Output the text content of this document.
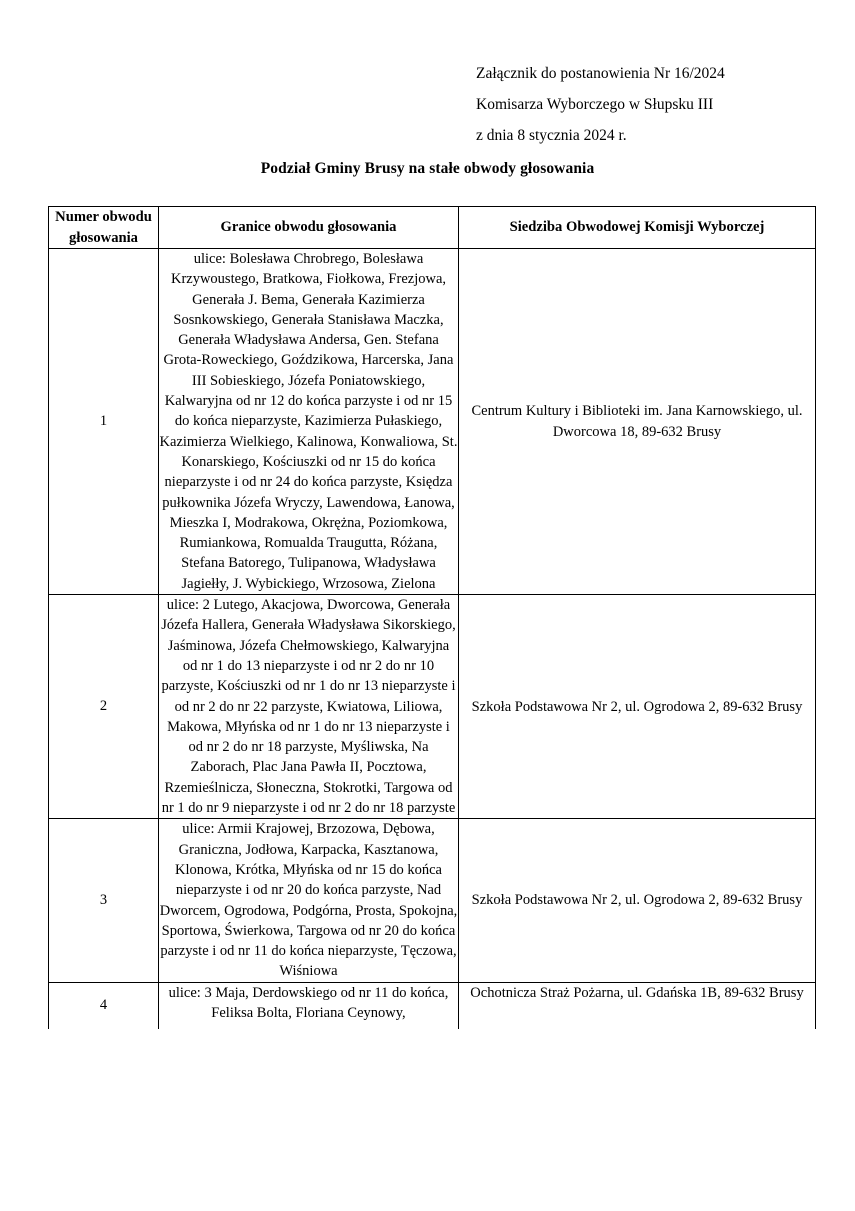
Załącznik do postanowienia Nr 16/2024
Komisarza Wyborczego w Słupsku III
z dnia 8 stycznia 2024 r.
Podział Gminy Brusy na stałe obwody głosowania
Numer obwodu głosowania	Granice obwodu głosowania	Siedziba Obwodowej Komisji Wyborczej
1	ulice: Bolesława Chrobrego, Bolesława Krzywoustego, Bratkowa, Fiołkowa, Frezjowa, Generała J. Bema, Generała Kazimierza Sosnkowskiego, Generała Stanisława Maczka, Generała Władysława Andersa, Gen. Stefana Grota-Roweckiego, Goździkowa, Harcerska, Jana III Sobieskiego, Józefa Poniatowskiego, Kalwaryjna od nr 12 do końca parzyste i od nr 15 do końca nieparzyste, Kazimierza Pułaskiego, Kazimierza Wielkiego, Kalinowa, Konwaliowa, St. Konarskiego, Kościuszki od nr 15 do końca nieparzyste i od nr 24 do końca parzyste, Księdza pułkownika Józefa Wryczy, Lawendowa, Łanowa, Mieszka I, Modrakowa, Okrężna, Poziomkowa, Rumiankowa, Romualda Traugutta, Różana, Stefana Batorego, Tulipanowa, Władysława Jagiełły, J. Wybickiego, Wrzosowa, Zielona	Centrum Kultury i Biblioteki im. Jana Karnowskiego, ul. Dworcowa 18, 89-632 Brusy
2	ulice: 2 Lutego, Akacjowa, Dworcowa, Generała Józefa Hallera, Generała Władysława Sikorskiego, Jaśminowa, Józefa Chełmowskiego, Kalwaryjna od nr 1 do 13 nieparzyste i od nr 2 do nr 10 parzyste, Kościuszki od nr 1 do nr 13 nieparzyste i od nr 2 do nr 22 parzyste, Kwiatowa, Liliowa, Makowa, Młyńska od nr 1 do nr 13 nieparzyste i od nr 2 do nr 18 parzyste, Myśliwska, Na Zaborach, Plac Jana Pawła II, Pocztowa, Rzemieślnicza, Słoneczna, Stokrotki, Targowa od nr 1 do nr 9 nieparzyste i od nr 2 do nr 18 parzyste	Szkoła Podstawowa Nr 2, ul. Ogrodowa 2, 89-632 Brusy
3	ulice: Armii Krajowej, Brzozowa, Dębowa, Graniczna, Jodłowa, Karpacka, Kasztanowa, Klonowa, Krótka, Młyńska od nr 15 do końca nieparzyste i od nr 20 do końca parzyste, Nad Dworcem, Ogrodowa, Podgórna, Prosta, Spokojna, Sportowa, Świerkowa, Targowa od nr 20 do końca parzyste i od nr 11 do końca nieparzyste, Tęczowa, Wiśniowa	Szkoła Podstawowa Nr 2, ul. Ogrodowa 2, 89-632 Brusy

4	ulice: 3 Maja, Derdowskiego od nr 11 do końca, Feliksa Bolta, Floriana Ceynowy,	Ochotnicza Straż Pożarna, ul. Gdańska 1B, 89-632 Brusy
